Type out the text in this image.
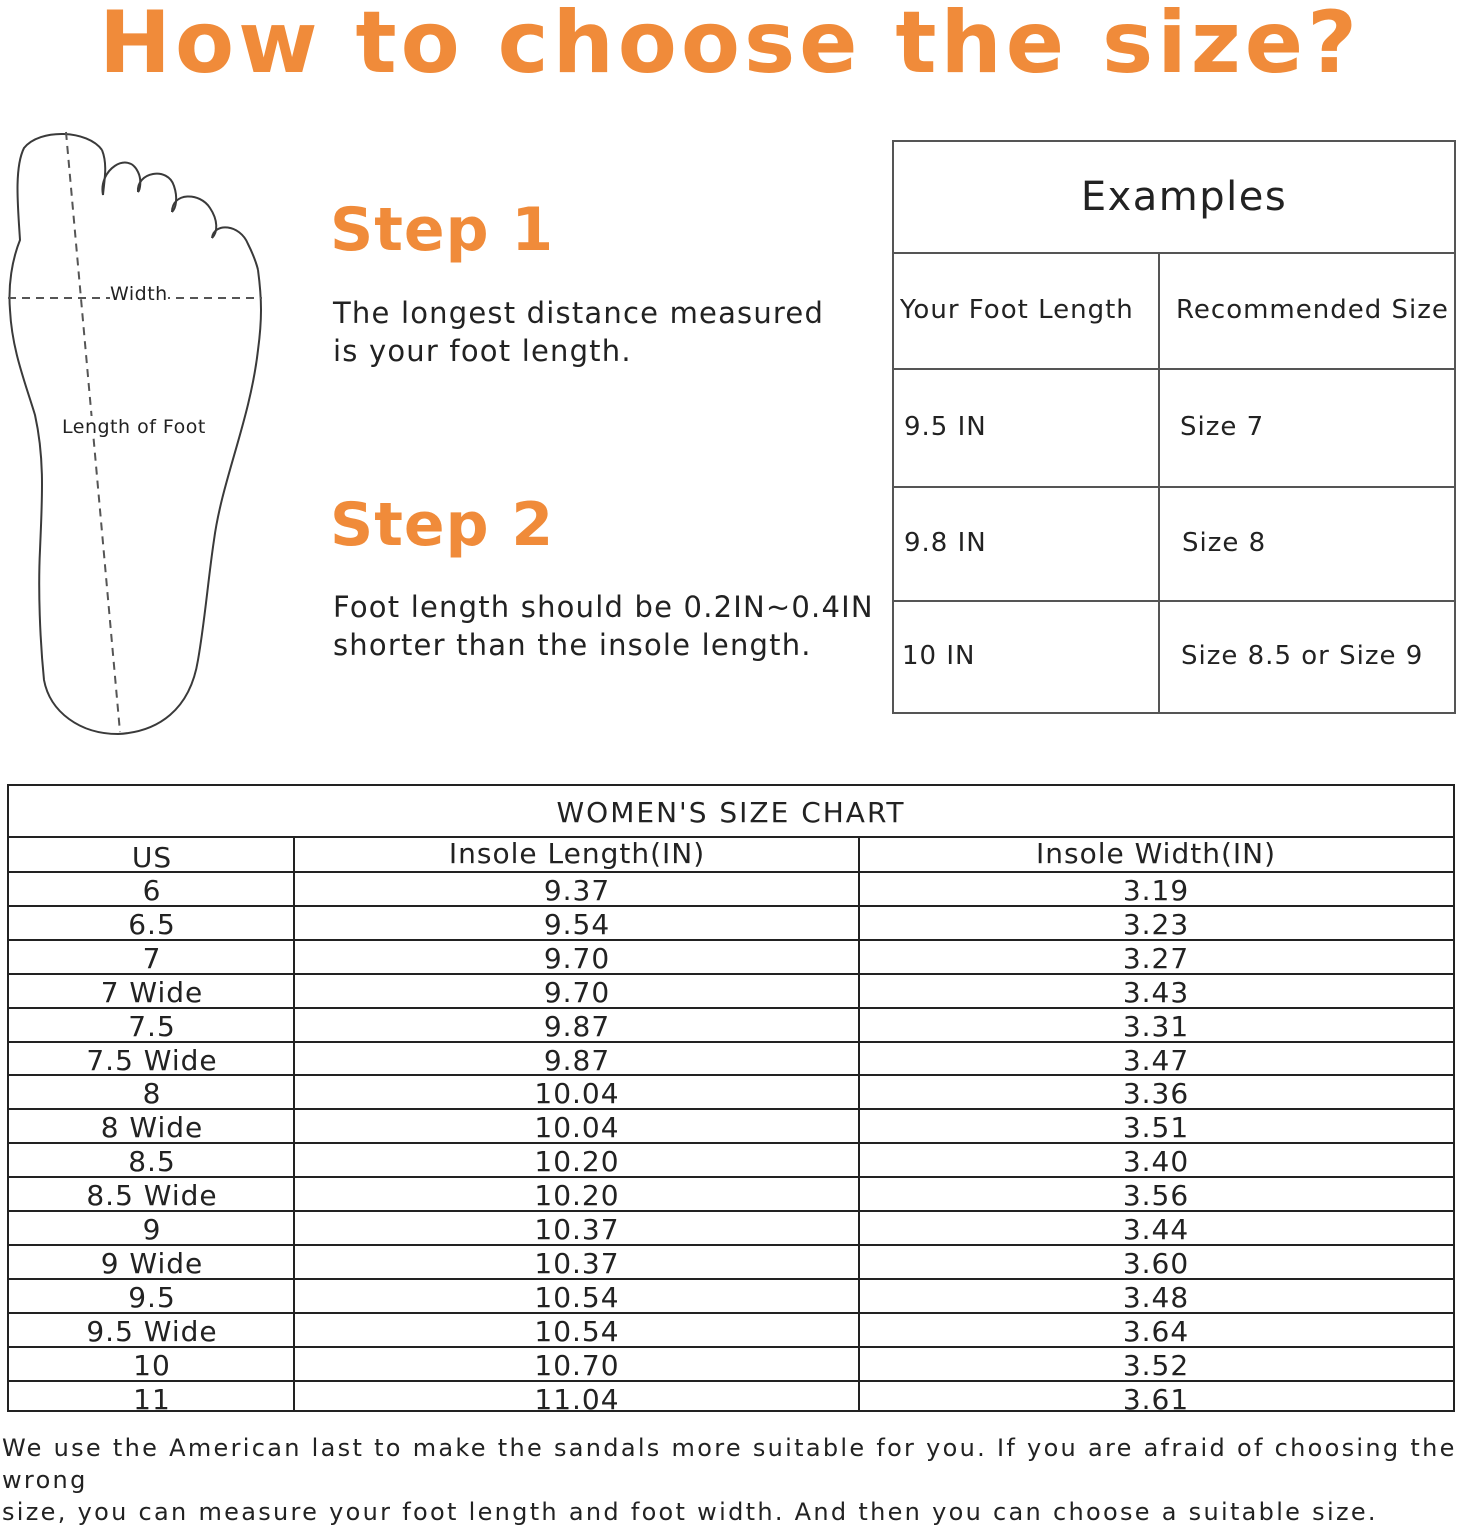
How to choose the size?
Width
Length of Foot
Step 1
The longest distance measured
is your foot length.
Step 2
Foot length should be 0.2IN~0.4IN
shorter than the insole length.
Examples
Your Foot Length	Recommended Size
9.5 IN	Size 7
9.8 IN	Size 8
10 IN	Size 8.5 or Size 9
WOMEN'S SIZE CHART
US	Insole Length(IN)	Insole Width(IN)
6	9.37	3.19
6.5	9.54	3.23
7	9.70	3.27
7 Wide	9.70	3.43
7.5	9.87	3.31
7.5 Wide	9.87	3.47
8	10.04	3.36
8 Wide	10.04	3.51
8.5	10.20	3.40
8.5 Wide	10.20	3.56
9	10.37	3.44
9 Wide	10.37	3.60
9.5	10.54	3.48
9.5 Wide	10.54	3.64
10	10.70	3.52
11	11.04	3.61
We use the American last to make the sandals more suitable for you. If you are afraid of choosing the wrong
size, you can measure your foot length and foot width. And then you can choose a suitable size.
